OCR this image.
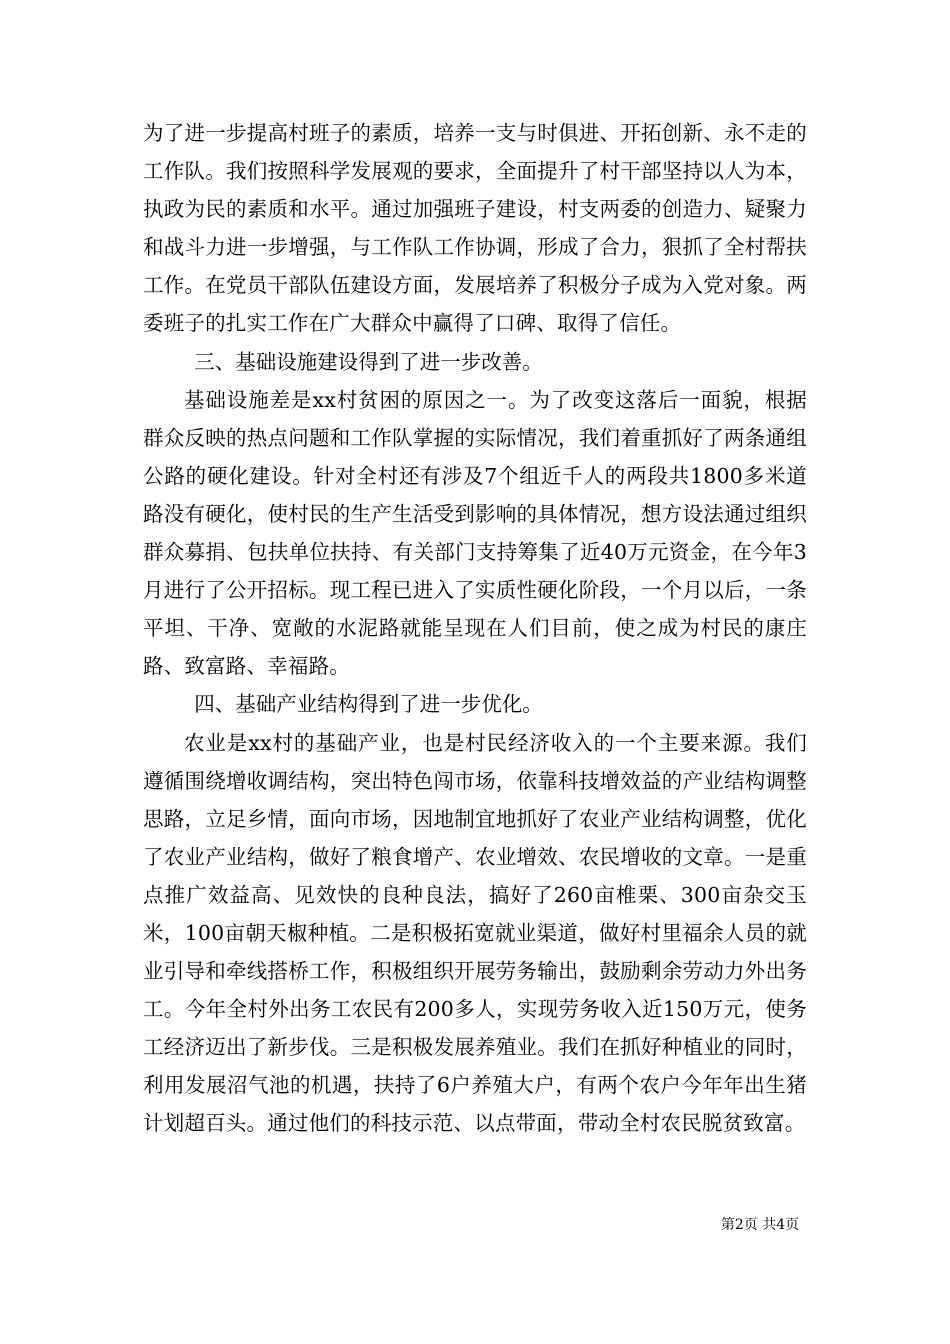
为了进一步提高村班子的素质，培养一支与时俱进、开拓创新、永不走的工作队。我们按照科学发展观的要求，全面提升了村干部坚持以人为本，执政为民的素质和水平。通过加强班子建设，村支两委的创造力、疑聚力和战斗力进一步增强，与工作队工作协调，形成了合力，狠抓了全村帮扶工作。在党员干部队伍建设方面，发展培养了积极分子成为入党对象。两委班子的扎实工作在广大群众中赢得了口碑、取得了信任。

三、基础设施建设得到了进一步改善。

基础设施差是xx村贫困的原因之一。为了改变这落后一面貌，根据群众反映的热点问题和工作队掌握的实际情况，我们着重抓好了两条通组公路的硬化建设。针对全村还有涉及7个组近千人的两段共1800多米道路没有硬化，使村民的生产生活受到影响的具体情况，想方设法通过组织群众募捐、包扶单位扶持、有关部门支持筹集了近40万元资金，在今年3月进行了公开招标。现工程已进入了实质性硬化阶段，一个月以后，一条平坦、干净、宽敞的水泥路就能呈现在人们目前，使之成为村民的康庄路、致富路、幸福路。

四、基础产业结构得到了进一步优化。

农业是xx村的基础产业，也是村民经济收入的一个主要来源。我们遵循围绕增收调结构，突出特色闯市场，依靠科技增效益的产业结构调整思路，立足乡情，面向市场，因地制宜地抓好了农业产业结构调整，优化了农业产业结构，做好了粮食增产、农业增效、农民增收的文章。一是重点推广效益高、见效快的良种良法，搞好了260亩椎栗、300亩杂交玉米，100亩朝天椒种植。二是积极拓宽就业渠道，做好村里福余人员的就业引导和牵线搭桥工作，积极组织开展劳务输出，鼓励剩余劳动力外出务工。今年全村外出务工农民有200多人，实现劳务收入近150万元，使务工经济迈出了新步伐。三是积极发展养殖业。我们在抓好种植业的同时，利用发展沼气池的机遇，扶持了6户养殖大户，有两个农户今年年出生猪计划超百头。通过他们的科技示范、以点带面，带动全村农民脱贫致富。

第2页 共4页
